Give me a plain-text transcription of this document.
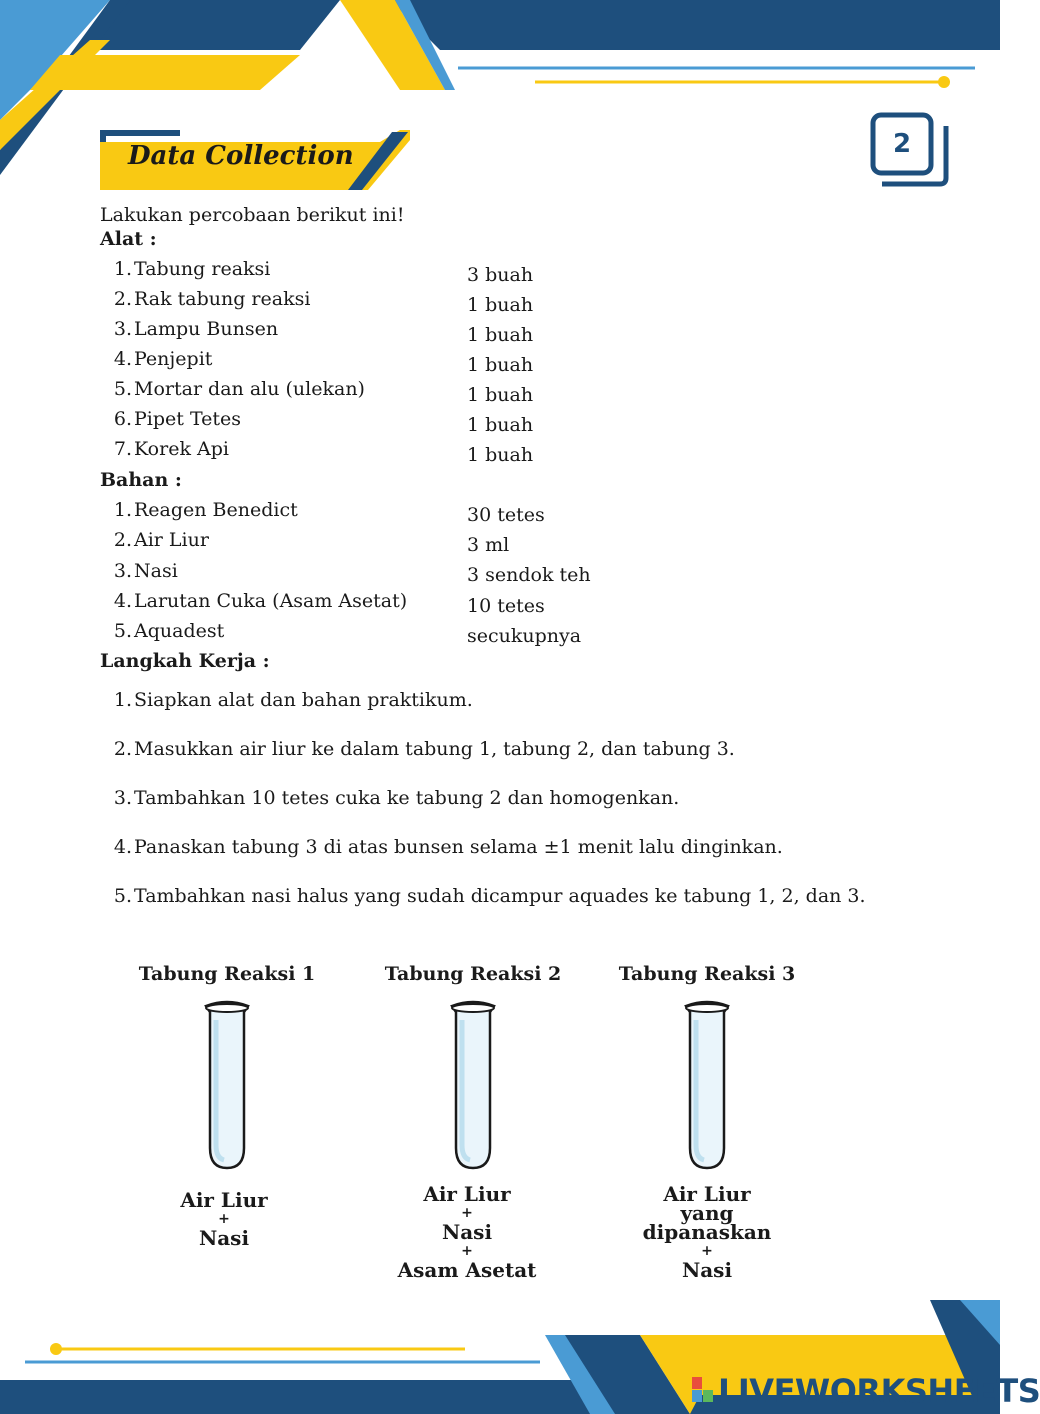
Data Collection	2
Lakukan percobaan berikut ini!
Alat :
1. Tabung reaksi	3 buah
2. Rak tabung reaksi	1 buah
3. Lampu Bunsen	1 buah
4. Penjepit	1 buah
5. Mortar dan alu (ulekan)	1 buah
6. Pipet Tetes	1 buah
7. Korek Api	1 buah
Bahan :
1. Reagen Benedict	30 tetes
2. Air Liur	3 ml
3. Nasi	3 sendok teh
4. Larutan Cuka (Asam Asetat)	10 tetes
5. Aquadest	secukupnya
Langkah Kerja :
1. Siapkan alat dan bahan praktikum.
2. Masukkan air liur ke dalam tabung 1, tabung 2, dan tabung 3.
3. Tambahkan 10 tetes cuka ke tabung 2 dan homogenkan.
4. Panaskan tabung 3 di atas bunsen selama ±1 menit lalu dinginkan.
5. Tambahkan nasi halus yang sudah dicampur aquades ke tabung 1, 2, dan 3.
Tabung Reaksi 1
Air Liur
+
Nasi
Tabung Reaksi 2
Air Liur
+
Nasi
+
Asam Asetat
Tabung Reaksi 3
Air Liur
yang
dipanaskan
+
Nasi
LIVEWORKSHEETS
